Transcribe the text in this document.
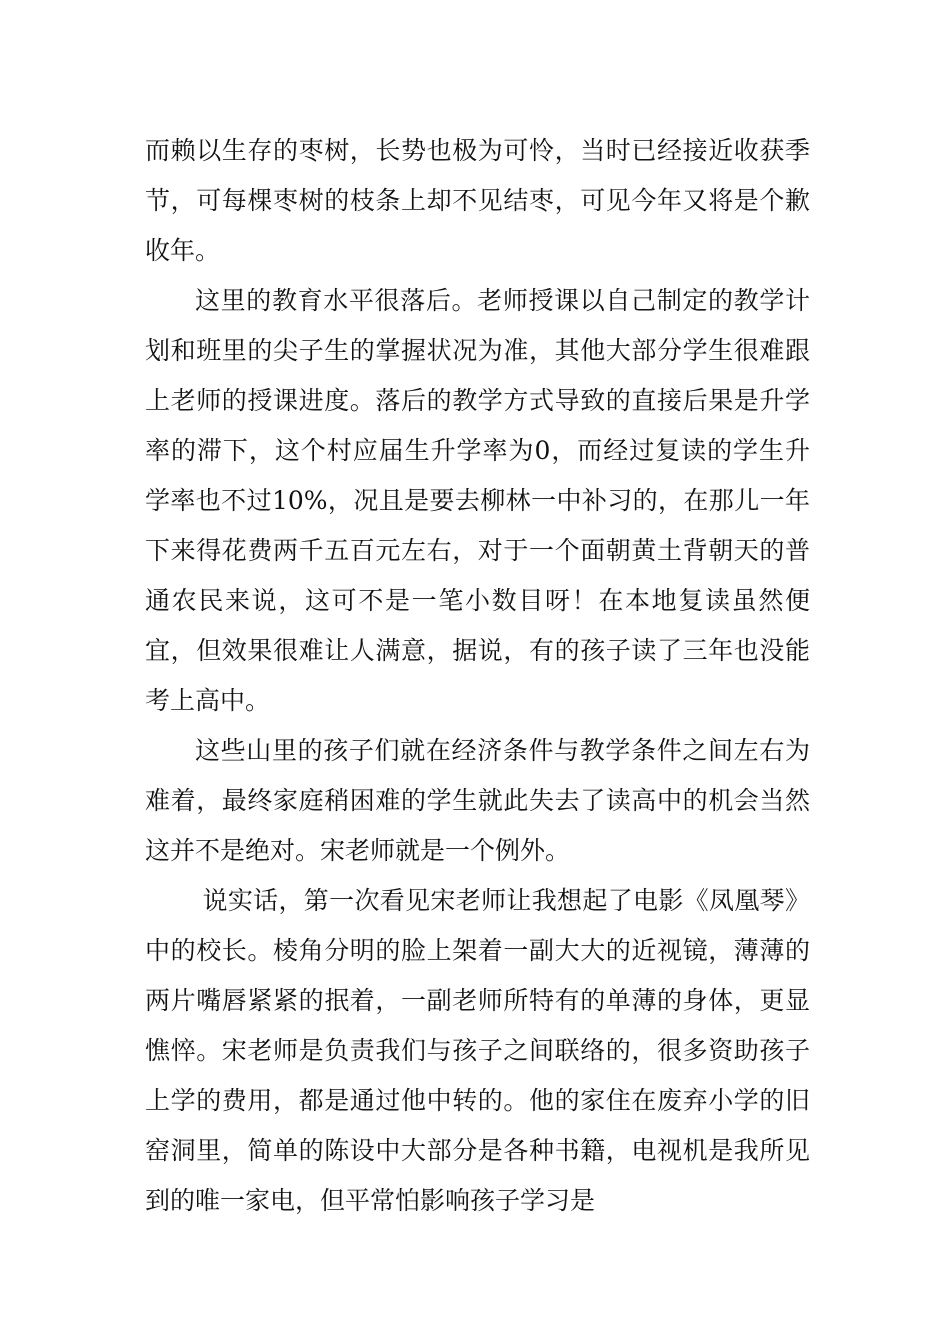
而赖以生存的枣树，长势也极为可怜，当时已经接近收获季节，可每棵枣树的枝条上却不见结枣，可见今年又将是个歉收年。

这里的教育水平很落后。老师授课以自己制定的教学计划和班里的尖子生的掌握状况为准，其他大部分学生很难跟上老师的授课进度。落后的教学方式导致的直接后果是升学率的滞下，这个村应届生升学率为0，而经过复读的学生升学率也不过10%，况且是要去柳林一中补习的，在那儿一年下来得花费两千五百元左右，对于一个面朝黄土背朝天的普通农民来说，这可不是一笔小数目呀！在本地复读虽然便宜，但效果很难让人满意，据说，有的孩子读了三年也没能考上高中。

这些山里的孩子们就在经济条件与教学条件之间左右为难着，最终家庭稍困难的学生就此失去了读高中的机会当然这并不是绝对。宋老师就是一个例外。

说实话，第一次看见宋老师让我想起了电影《凤凰琴》中的校长。棱角分明的脸上架着一副大大的近视镜，薄薄的两片嘴唇紧紧的抿着，一副老师所特有的单薄的身体，更显憔悴。宋老师是负责我们与孩子之间联络的，很多资助孩子上学的费用，都是通过他中转的。他的家住在废弃小学的旧窑洞里，简单的陈设中大部分是各种书籍，电视机是我所见到的唯一家电，但平常怕影响孩子学习是
